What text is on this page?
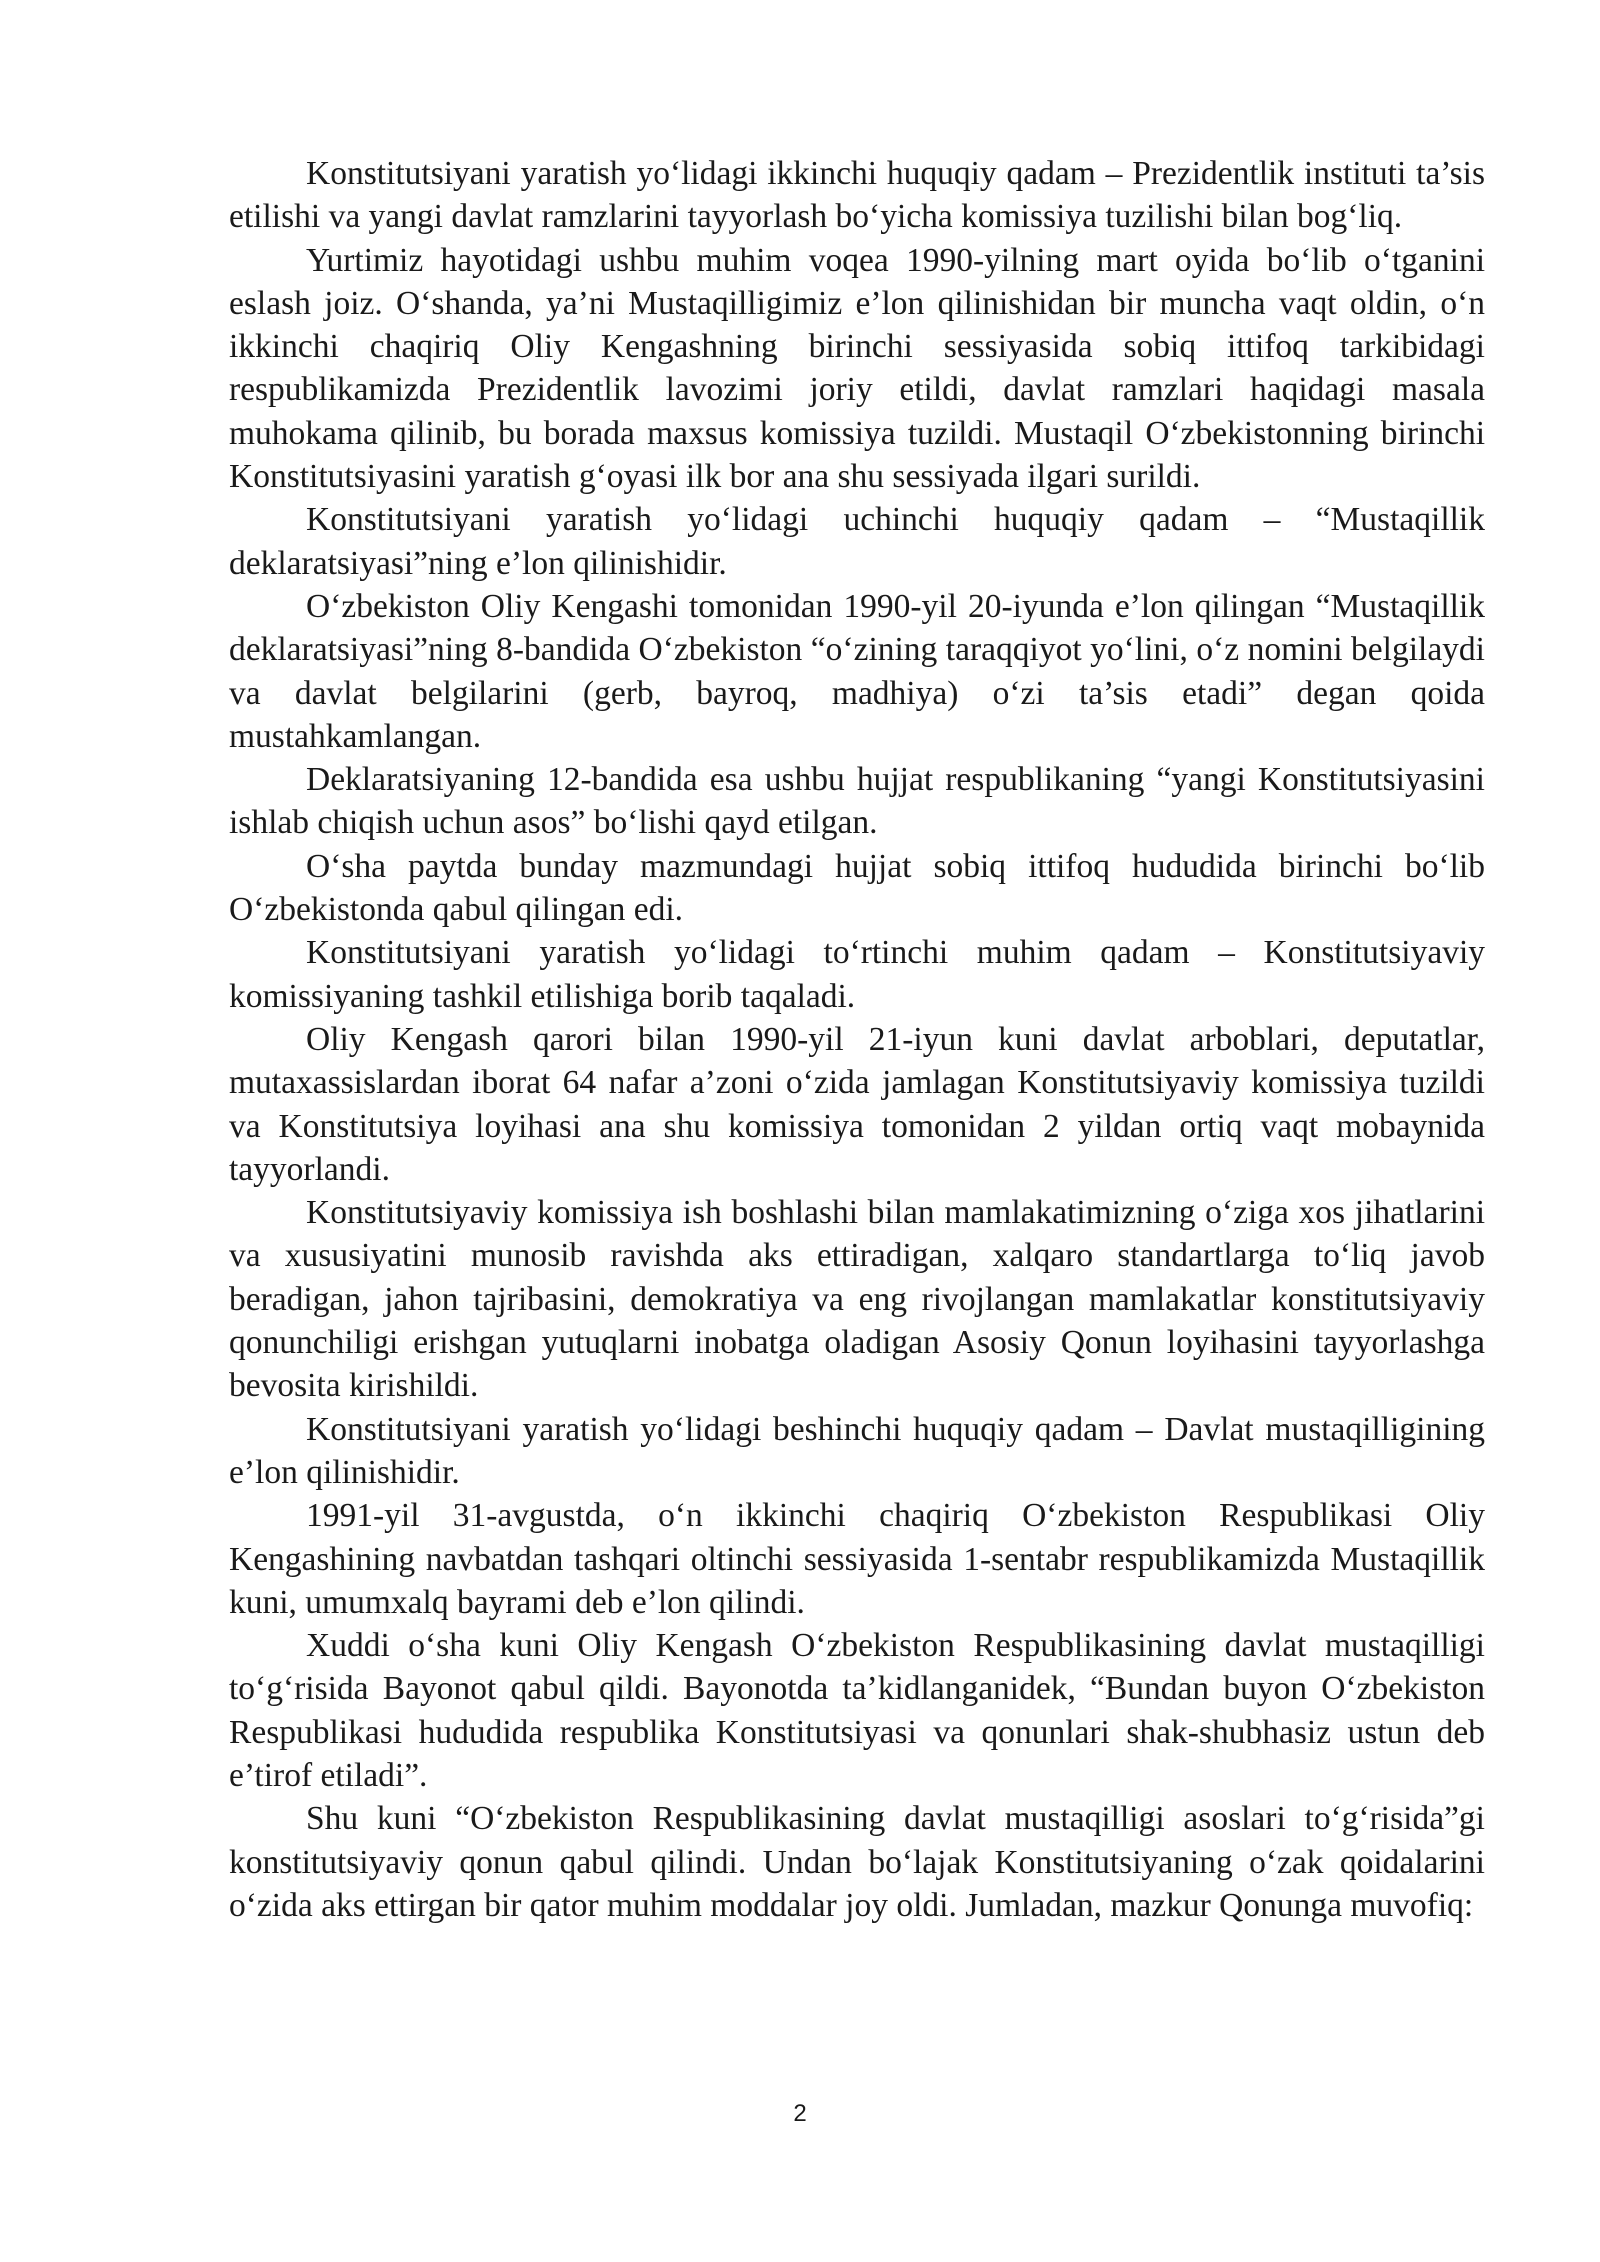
Konstitutsiyani yaratish yo‘lidagi ikkinchi huquqiy qadam – Prezidentlik instituti ta’sis etilishi va yangi davlat ramzlarini tayyorlash bo‘yicha komissiya tuzilishi bilan bog‘liq.

Yurtimiz hayotidagi ushbu muhim voqea 1990-yilning mart oyida bo‘lib o‘tganini eslash joiz. O‘shanda, ya’ni Mustaqilligimiz e’lon qilinishidan bir muncha vaqt oldin, o‘n ikkinchi chaqiriq Oliy Kengashning birinchi sessiyasida sobiq ittifoq tarkibidagi respublikamizda Prezidentlik lavozimi joriy etildi, davlat ramzlari haqidagi masala muhokama qilinib, bu borada maxsus komissiya tuzildi. Mustaqil O‘zbekistonning birinchi Konstitutsiyasini yaratish g‘oyasi ilk bor ana shu sessiyada ilgari surildi.

Konstitutsiyani yaratish yo‘lidagi uchinchi huquqiy qadam – “Mustaqillik deklaratsiyasi”ning e’lon qilinishidir.

O‘zbekiston Oliy Kengashi tomonidan 1990-yil 20-iyunda e’lon qilingan “Mustaqillik deklaratsiyasi”ning 8-bandida O‘zbekiston “o‘zining taraqqiyot yo‘lini, o‘z nomini belgilaydi va davlat belgilarini (gerb, bayroq, madhiya) o‘zi ta’sis etadi” degan qoida mustahkamlangan.

Deklaratsiyaning 12-bandida esa ushbu hujjat respublikaning “yangi Konstitutsiyasini ishlab chiqish uchun asos” bo‘lishi qayd etilgan.

O‘sha paytda bunday mazmundagi hujjat sobiq ittifoq hududida birinchi bo‘lib O‘zbekistonda qabul qilingan edi.

Konstitutsiyani yaratish yo‘lidagi to‘rtinchi muhim qadam – Konstitutsiyaviy komissiyaning tashkil etilishiga borib taqaladi.

Oliy Kengash qarori bilan 1990-yil 21-iyun kuni davlat arboblari, deputatlar, mutaxassislardan iborat 64 nafar a’zoni o‘zida jamlagan Konstitutsiyaviy komissiya tuzildi va Konstitutsiya loyihasi ana shu komissiya tomonidan 2 yildan ortiq vaqt mobaynida tayyorlandi.

Konstitutsiyaviy komissiya ish boshlashi bilan mamlakatimizning o‘ziga xos jihatlarini va xususiyatini munosib ravishda aks ettiradigan, xalqaro standartlarga to‘liq javob beradigan, jahon tajribasini, demokratiya va eng rivojlangan mamlakatlar konstitutsiyaviy qonunchiligi erishgan yutuqlarni inobatga oladigan Asosiy Qonun loyihasini tayyorlashga bevosita kirishildi.

Konstitutsiyani yaratish yo‘lidagi beshinchi huquqiy qadam – Davlat mustaqilligining e’lon qilinishidir.

1991-yil 31-avgustda, o‘n ikkinchi chaqiriq O‘zbekiston Respublikasi Oliy Kengashining navbatdan tashqari oltinchi sessiyasida 1-sentabr respublikamizda Mustaqillik kuni, umumxalq bayrami deb e’lon qilindi.

Xuddi o‘sha kuni Oliy Kengash O‘zbekiston Respublikasining davlat mustaqilligi to‘g‘risida Bayonot qabul qildi. Bayonotda ta’kidlanganidek, “Bundan buyon O‘zbekiston Respublikasi hududida respublika Konstitutsiyasi va qonunlari shak-shubhasiz ustun deb e’tirof etiladi”.

Shu kuni “O‘zbekiston Respublikasining davlat mustaqilligi asoslari to‘g‘risida”gi konstitutsiyaviy qonun qabul qilindi. Undan bo‘lajak Konstitutsiyaning o‘zak qoidalarini o‘zida aks ettirgan bir qator muhim moddalar joy oldi. Jumladan, mazkur Qonunga muvofiq:

2
